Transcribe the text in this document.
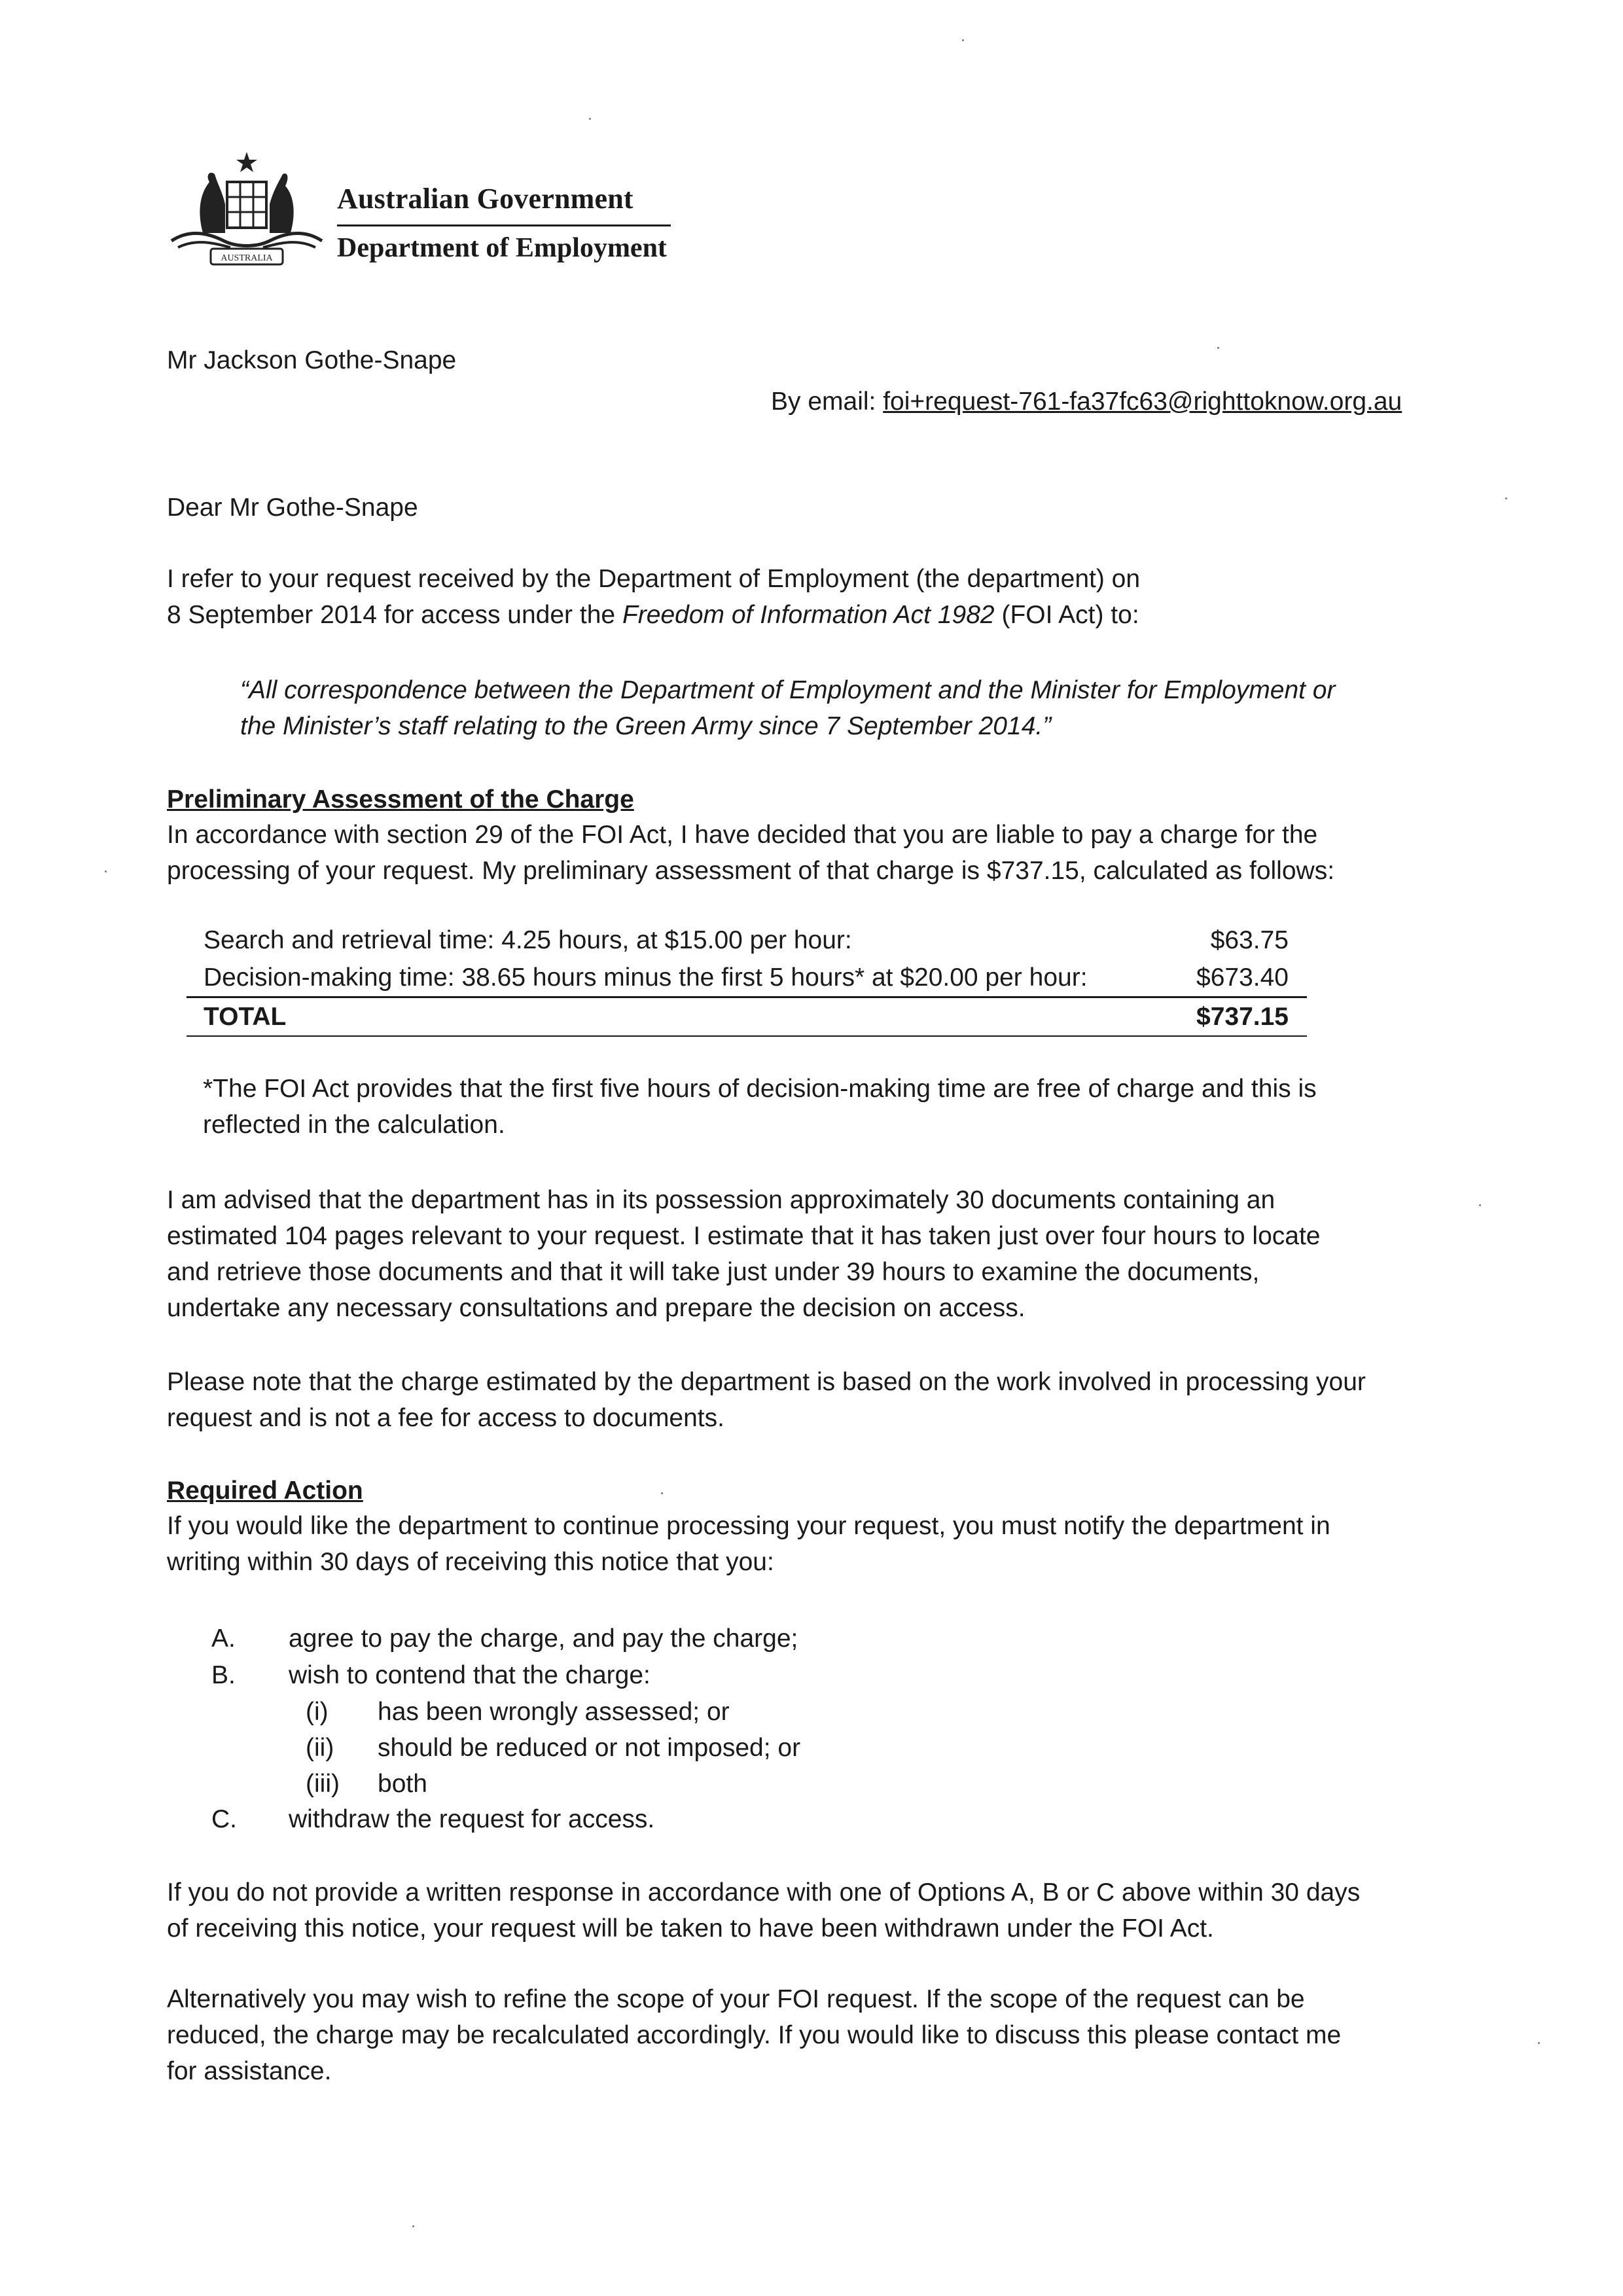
AUSTRALIA
Australian Government
Department of Employment
Mr Jackson Gothe-Snape
By email: foi+request-761-fa37fc63@righttoknow.org.au
Dear Mr Gothe-Snape
I refer to your request received by the Department of Employment (the department) on
8 September 2014 for access under the Freedom of Information Act 1982 (FOI Act) to:
“All correspondence between the Department of Employment and the Minister for Employment or
the Minister’s staff relating to the Green Army since 7 September 2014.”
Preliminary Assessment of the Charge
In accordance with section 29 of the FOI Act, I have decided that you are liable to pay a charge for the
processing of your request. My preliminary assessment of that charge is $737.15, calculated as follows:
Search and retrieval time: 4.25 hours, at $15.00 per hour:	$63.75
Decision-making time: 38.65 hours minus the first 5 hours* at $20.00 per hour:	$673.40
TOTAL	$737.15
*The FOI Act provides that the first five hours of decision-making time are free of charge and this is
reflected in the calculation.
I am advised that the department has in its possession approximately 30 documents containing an
estimated 104 pages relevant to your request. I estimate that it has taken just over four hours to locate
and retrieve those documents and that it will take just under 39 hours to examine the documents,
undertake any necessary consultations and prepare the decision on access.
Please note that the charge estimated by the department is based on the work involved in processing your
request and is not a fee for access to documents.
Required Action
If you would like the department to continue processing your request, you must notify the department in
writing within 30 days of receiving this notice that you:
A. agree to pay the charge, and pay the charge;
B. wish to contend that the charge:
(i) has been wrongly assessed; or
(ii) should be reduced or not imposed; or
(iii) both
C. withdraw the request for access.
If you do not provide a written response in accordance with one of Options A, B or C above within 30 days
of receiving this notice, your request will be taken to have been withdrawn under the FOI Act.
Alternatively you may wish to refine the scope of your FOI request. If the scope of the request can be
reduced, the charge may be recalculated accordingly. If you would like to discuss this please contact me
for assistance.
